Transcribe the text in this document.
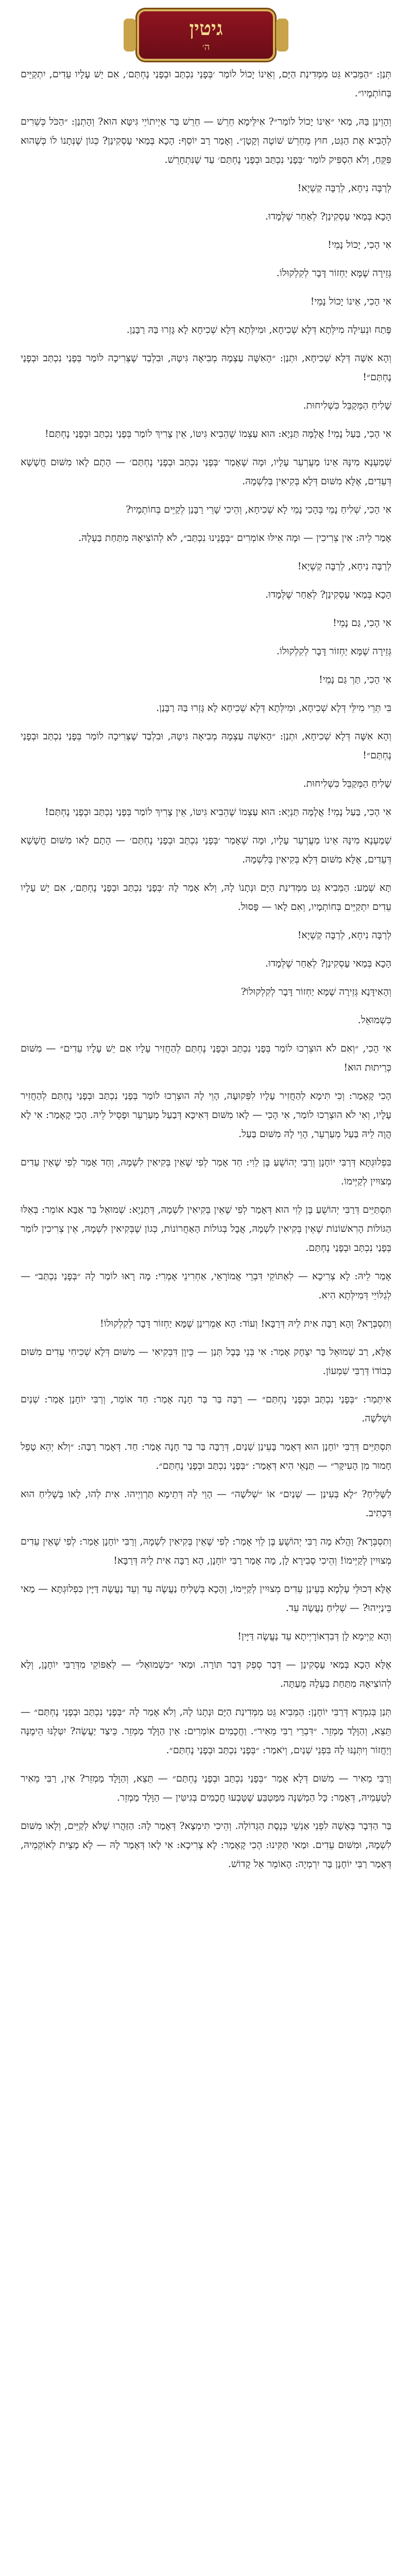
גיטין
ה׳

תְּנַן: ״הַמֵּבִיא גֵּט מִמְּדִינַת הַיָּם, וְאֵינוֹ יָכוֹל לוֹמַר ׳בְּפָנַי נִכְתַּב וּבְפָנַי נֶחְתַּם׳, אִם יֵשׁ עָלָיו עֵדִים, יִתְקַיֵּים בְּחוֹתְמָיו״.

וְהָוֵינַן בַּהּ, מַאי ״אֵינוֹ יָכוֹל לוֹמַר״? אִילֵּימָא חֵרֵשׁ — חֵרֵשׁ בַּר אַיְיתוֹיֵי גִּיטָּא הוּא? וְהָתְנַן: ״הַכֹּל כְּשֵׁרִים לְהָבִיא אֶת הַגֵּט, חוּץ מֵחֵרֵשׁ שׁוֹטֶה וְקָטָן״. וְאָמַר רַב יוֹסֵף: הָכָא בְּמַאי עָסְקִינַן? כְּגוֹן שֶׁנְּתָנוֹ לוֹ כְּשֶׁהוּא פִּקֵּחַ, וְלֹא הִסְפִּיק לוֹמַר ׳בְּפָנַי נִכְתַּב וּבְפָנַי נֶחְתַּם׳ עַד שֶׁנִּתְחָרֵשׁ.

לְרַבָּה נִיחָא, לְרַבָּה קַשְׁיָא!

הָכָא בְּמַאי עָסְקִינַן? לְאַחַר שֶׁלְּמָדוּ.

אִי הָכִי, יָכוֹל נָמֵי!

גְּזֵירָה שֶׁמָּא יַחְזוֹר דָּבָר לְקִלְקוּלוֹ.

אִי הָכִי, אֵינוֹ יָכוֹל נָמֵי!

פֶּתַח וּנְעִילָה מִילְּתָא דְּלָא שְׁכִיחָא, וּמִילְּתָא דְּלָא שְׁכִיחָא לָא גָּזְרוּ בַּהּ רַבָּנַן.

וְהָא אִשָּׁה דְּלָא שְׁכִיחָא, וּתְנַן: ״הָאִשָּׁה עַצְמָהּ מְבִיאָה גִּיטָּהּ, וּבִלְבַד שֶׁצְּרִיכָה לוֹמַר בְּפָנַי נִכְתַּב וּבְפָנַי נֶחְתַּם״!

שָׁלִיחַ הַמְּקַבֵּל כִּשְׁלִיחוּת.

אִי הָכִי, בַּעַל נָמֵי! אֲלָמָּה תַּנְיָא: הוּא עַצְמוֹ שֶׁהֵבִיא גִּיטּוֹ, אֵין צָרִיךְ לוֹמַר בְּפָנַי נִכְתַּב וּבְפָנַי נֶחְתַּם!

שְׁמַעְנָא מִינָּהּ אֵינוֹ מַעֲרְעֵר עָלָיו, וּמָה שֶׁאָמַר ׳בְּפָנַי נִכְתַּב וּבְפָנַי נֶחְתַּם׳ — הָתָם לָאו מִשּׁוּם חֲשָׁשָׁא דְּעֵדִים, אֶלָּא מִשּׁוּם דְּלָא בְּקִיאִין בְּלִשְׁמָהּ.

אִי הָכִי, שְׁלִיחַ נָמֵי בְּהָכִי נָמֵי לָא שְׁכִיחָא, וְהֵיכִי שָׁרֵי רַבָּנַן לְקַיֵּים בְּחוֹתְמָיו?

אָמַר לֵיהּ: אִין צְרִיכִין — וּמָה אִילּוּ אוֹמְרִים ״בְּפָנֵינוּ נִכְתַּב״, לֹא לְהוֹצִיאָהּ מִתַּחַת בַּעְלָהּ.

לְרַבָּה נִיחָא, לְרַבָּה קַשְׁיָא!

הָכָא בְּמַאי עָסְקִינַן? לְאַחַר שֶׁלְּמָדוּ.

אִי הָכִי, גַּם נָמֵי!

גְּזֵירָה שֶׁמָּא יַחְזוֹר דָּבָר לְקִלְקוּלוֹ.

אִי הָכִי, תַּרְ גַּם נָמֵי!

בִּי תְּרֵי מִילֵּי דְּלָא שְׁכִיחָא, וּמִילְּתָא דְּלָא שְׁכִיחָא לָא גָּזְרוּ בַּהּ רַבָּנַן.

וְהָא אִשָּׁה דְּלָא שְׁכִיחָא, וּתְנַן: ״הָאִשָּׁה עַצְמָהּ מְבִיאָה גִּיטָּהּ, וּבִלְבַד שֶׁצְּרִיכָה לוֹמַר בְּפָנַי נִכְתַּב וּבְפָנַי נֶחְתַּם״!

שָׁלִיחַ הַמְּקַבֵּל כִּשְׁלִיחוּת.

אִי הָכִי, בַּעַל נָמֵי! אֲלָמָּה תַּנְיָא: הוּא עַצְמוֹ שֶׁהֵבִיא גִּיטּוֹ, אֵין צָרִיךְ לוֹמַר בְּפָנַי נִכְתַּב וּבְפָנַי נֶחְתַּם!

שְׁמַעְנָא מִינָּהּ אֵינוֹ מַעֲרְעֵר עָלָיו, וּמָה שֶׁאָמַר ׳בְּפָנַי נִכְתַּב וּבְפָנַי נֶחְתַּם׳ — הָתָם לָאו מִשּׁוּם חֲשָׁשָׁא דְּעֵדִים, אֶלָּא מִשּׁוּם דְּלָא בְּקִיאִין בְּלִשְׁמָהּ.

תָּא שְׁמַע: הַמֵּבִיא גֵּט מִמְּדִינַת הַיָּם וּנְתָנוֹ לָהּ, וְלֹא אָמַר לָהּ ׳בְּפָנַי נִכְתַּב וּבְפָנַי נֶחְתַּם׳, אִם יֵשׁ עָלָיו עֵדִים יִתְקַיֵּים בְּחוֹתְמָיו, וְאִם לָאו — פָּסוּל.

לְרַבָּה נִיחָא, לְרַבָּה קַשְׁיָא!

הָכָא בְּמַאי עָסְקִינַן? לְאַחַר שֶׁלְּמָדוּ.

וְהָאִידָּנָא גְּזֵירָה שֶׁמָּא יַחְזוֹר דָּבָר לְקִלְקוּלוֹ?

כִּשְׁמוּאֵל.

אִי הָכִי, ״וְאִם לֹא הוּצְרְכוּ לוֹמַר בְּפָנַי נִכְתַּב וּבְפָנַי נֶחְתַּם לְהַחֲזִיר עָלָיו אִם יֵשׁ עָלָיו עֵדִים״ — מִשּׁוּם כְּרֵיתוּת הוּא!

הָכִי קָאָמַר: וְכִי תִּימָא לְהַחֲזִיר עָלָיו לִפְּקוּעָה, הָוֵי לָהּ הוּצְרְכוּ לוֹמַר בְּפָנַי נִכְתַּב וּבְפָנַי נֶחְתַּם לְהַחֲזִיר עָלָיו, וְאִי לֹא הוּצְרְכוּ לוֹמַר, אִי הָכִי — לָאו מִשּׁוּם דְּאִיכָּא דְּבַעַל מְעַרְעֵר וּפָסֵיל לֵיהּ. הָכִי קָאָמַר: אִי לָא הֲוָה לֵיהּ בַּעַל מְעַרְעֵר, הָוֵי לָהּ מִשּׁוּם בַּעַל.

בִּפְלוּגְתָּא דְּרַבִּי יוֹחָנָן וְרַבִּי יְהוֹשֻׁעַ בֶּן לֵוִי: חַד אָמַר לְפִי שֶׁאֵין בְּקִיאִין לִשְׁמָהּ, וְחַד אָמַר לְפִי שֶׁאֵין עֵדִים מְצוּיִין לְקַיְּימוֹ.

תִּסְתַּיֵּים דְּרַבִּי יְהוֹשֻׁעַ בֶּן לֵוִי הוּא דְּאָמַר לְפִי שֶׁאֵין בְּקִיאִין לִשְׁמָהּ, דְּתַנְיָא: שְׁמוּאֵל בַּר אַבָּא אוֹמֵר: בְּאֵלּוּ הַגּוֹלוֹת הָרִאשׁוֹנוֹת שֶׁאֵין בְּקִיאִין לִשְׁמָהּ, אֲבָל בְּגוֹלוֹת הָאַחֲרוֹנוֹת, כְּגוֹן שֶׁבְּקִיאִין לִשְׁמָהּ, אֵין צְרִיכִין לוֹמַר בְּפָנַי נִכְתַּב וּבְפָנַי נֶחְתַּם.

אָמַר לֵיהּ: לָא צְרִיכָא — לְאַתּוֹקֵי דִּבְרֵי אֲמוֹרָאֵי, אַחְרִינֵי אָמְרִי: מָה רָאוּ לוֹמַר לָהּ ״בְּפָנַי נִכְתַּב״ — לְגַלּוֹיֵי דְּמִילְּתָא הִיא.

וְתִסְבְּרָא? וְהָא רַבָּה אִית לֵיהּ דְּרַבָּא! וְעוֹד: הָא אַמְרִינַן שֶׁמָּא יַחְזוֹר דָּבָר לְקִלְקוּלוֹ!

אֶלָּא, רַב שְׁמוּאֵל בַּר יִצְחָק אָמַר: אִי בְּנֵי בָּבֶל תְּנַן — כֵּיוָן דִּבְקִיאִי — מִשּׁוּם דְּלָא שְׁכִיחִי עֵדִים מִשּׁוּם כְּבוֹדוֹ דְּרַבִּי שִׁמְעוֹן.

אִיתְּמַר: ״בְּפָנַי נִכְתַּב וּבְפָנַי נֶחְתַּם״ — רַבָּה בַּר בַּר חָנָה אָמַר: חַד אוֹמֵר, וְרַבִּי יוֹחָנָן אָמַר: שְׁנַיִם וּשְׁלֹשָׁה.

תִּסְתַּיֵּים דְּרַבִּי יוֹחָנָן הוּא דְּאָמַר בָּעֵינַן שְׁנַיִם, דְּרַבָּה בַּר בַּר חָנָה אָמַר: חַד. דְּאָמַר רַבָּה: ״וְלֹא יְהֵא טָפֵל חָמוּר מִן הָעִיקָּר״ — תַּנָּאֵי הִיא דְּאָמַר: ״בְּפָנַי נִכְתַּב וּבְפָנַי נֶחְתַּם״.

לַשָּׁלִיחַ? ״לָא בְּעִינַן — שְׁנַיִם״ אוֹ ״שְׁלֹשָׁה״ — הָוֵי לָהּ דְּתֵימָא תַּרְוַיְיהוּ. אִית לְהוּ, לָאו בְּשָׁלִיחַ הוּא דִּכְתִיב.

וְתִסְבְּרָא? וַהֲלֹא מָה רַבִּי יְהוֹשֻׁעַ בֶּן לֵוִי אָמַר: לְפִי שֶׁאֵין בְּקִיאִין לִשְׁמָהּ, וְרַבִּי יוֹחָנָן אָמַר: לְפִי שֶׁאֵין עֵדִים מְצוּיִין לְקַיְּימוֹ! וְהֵיכִי סְבִירָא לָן, מָה אָמַר רַבִּי יוֹחָנָן, הָא רַבָּה אִית לֵיהּ דְּרַבָּא!

אֶלָּא דְּכוּלֵּי עָלְמָא בְּעֵינַן עֵדִים מְצוּיִין לְקַיְּימוֹ, וְהָכָא בְּשָׁלִיחַ נַעֲשֶׂה עֵד וְעֵד נַעֲשֶׂה דַּיָּין כִּפְלוּגְתָּא — מַאי בֵּינַיְיהוּ? — שְׁלִיחַ נַעֲשֶׂה עֵד.

וְהָא קַיְימָא לָן דְּבִדְאוֹרָיְיתָא עֵד נַעֲשֶׂה דַּיָּין!

אֶלָּא הָכָא בְּמַאי עָסְקִינַן — דְּבַר סְפֵק דְּבַר תּוֹרָה. וּמַאי ״כִּשְׁמוּאֵל״ — לְאַפּוֹקֵי מִדְּרַבִּי יוֹחָנָן, וְלָא לְהוֹצִיאָהּ מִתַּחַת בַּעְלָהּ מֵעַתָּה.

תְּנַן בְּגִמְרָא דְּרַבִּי יוֹחָנָן: הַמֵּבִיא גֵּט מִמְּדִינַת הַיָּם וּנְתָנוֹ לָהּ, וְלֹא אָמַר לָהּ ״בְּפָנַי נִכְתַּב וּבְפָנַי נֶחְתַּם״ — תֵּצֵא, וְהַוָּלָד מַמְזֵר. ״דִּבְרֵי רַבִּי מֵאִיר״. וַחֲכָמִים אוֹמְרִים: אֵין הַוָּלָד מַמְזֵר. כֵּיצַד יַעֲשֶׂה? יִטְּלֶנּוּ הֵימֶנָּה וְיַחֲזוֹר וְיִתְּנֶנּוּ לָהּ בִּפְנֵי שְׁנַיִם, וְיֹאמַר: ״בְּפָנַי נִכְתַּב וּבְפָנַי נֶחְתַּם״.

וְרַבִּי מֵאִיר — מִשּׁוּם דְּלָא אָמַר ״בְּפָנַי נִכְתַּב וּבְפָנַי נֶחְתַּם״ — תֵּצֵא, וְהַוָּלָד מַמְזֵר? אִין, רַבִּי מֵאִיר לְטַעְמֵיהּ, דְּאָמַר: כָּל הַמְשַׁנֶּה מִמַּטְבֵּעַ שֶׁטָּבְעוּ חֲכָמִים בְּגִיטִּין — הַוָּלָד מַמְזֵר.

בַּר הַדְּבָר בְּאָשָׁה לִפְנֵי אַנְשֵׁי כְּנֶסֶת הַגְּדוֹלָה. וְהֵיכִי תִּימְצָא? דְּאָמַר לָהּ: הַזַּהֲרוּ שֶׁלֹּא לְקַיֵּים, וְלָאו מִשּׁוּם לִשְׁמָהּ, וּמִשּׁוּם עֵדִים. וּמַאי תַּקִּינוּ: הָכִי קָאָמַר: לָא צְרִיכָא: אִי לָאו דְּאָמַר לָהּ — לָא מָצֵית לְאוֹקְמֵיהּ, דְּאָמַר רַבִּי יוֹחָנָן בַּר יִרְמְיָה: הָאוֹמֵר אֵל קָדוֹשׁ.
